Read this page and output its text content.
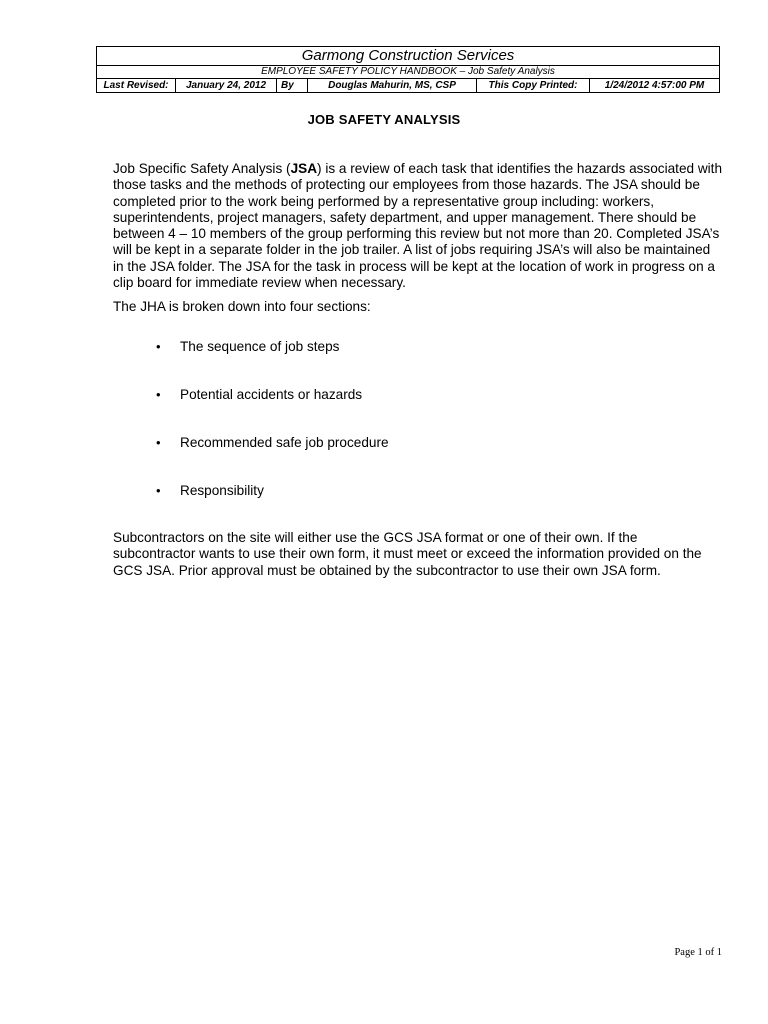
Garmong Construction Services
EMPLOYEE SAFETY POLICY HANDBOOK – Job Safety Analysis
Last Revised:	January 24, 2012	By	Douglas Mahurin, MS, CSP	This Copy Printed:	1/24/2012 4:57:00 PM
JOB SAFETY ANALYSIS
Job Specific Safety Analysis (JSA) is a review of each task that identifies the hazards associated with those tasks and the methods of protecting our employees from those hazards. The JSA should be completed prior to the work being performed by a representative group including: workers, superintendents, project managers, safety department, and upper management. There should be between 4 – 10 members of the group performing this review but not more than 20. Completed JSA’s will be kept in a separate folder in the job trailer. A list of jobs requiring JSA’s will also be maintained in the JSA folder. The JSA for the task in process will be kept at the location of work in progress on a clip board for immediate review when necessary.
The JHA is broken down into four sections:
• The sequence of job steps
• Potential accidents or hazards
• Recommended safe job procedure
• Responsibility
Subcontractors on the site will either use the GCS JSA format or one of their own. If the subcontractor wants to use their own form, it must meet or exceed the information provided on the GCS JSA. Prior approval must be obtained by the subcontractor to use their own JSA form.
Page 1 of 1
